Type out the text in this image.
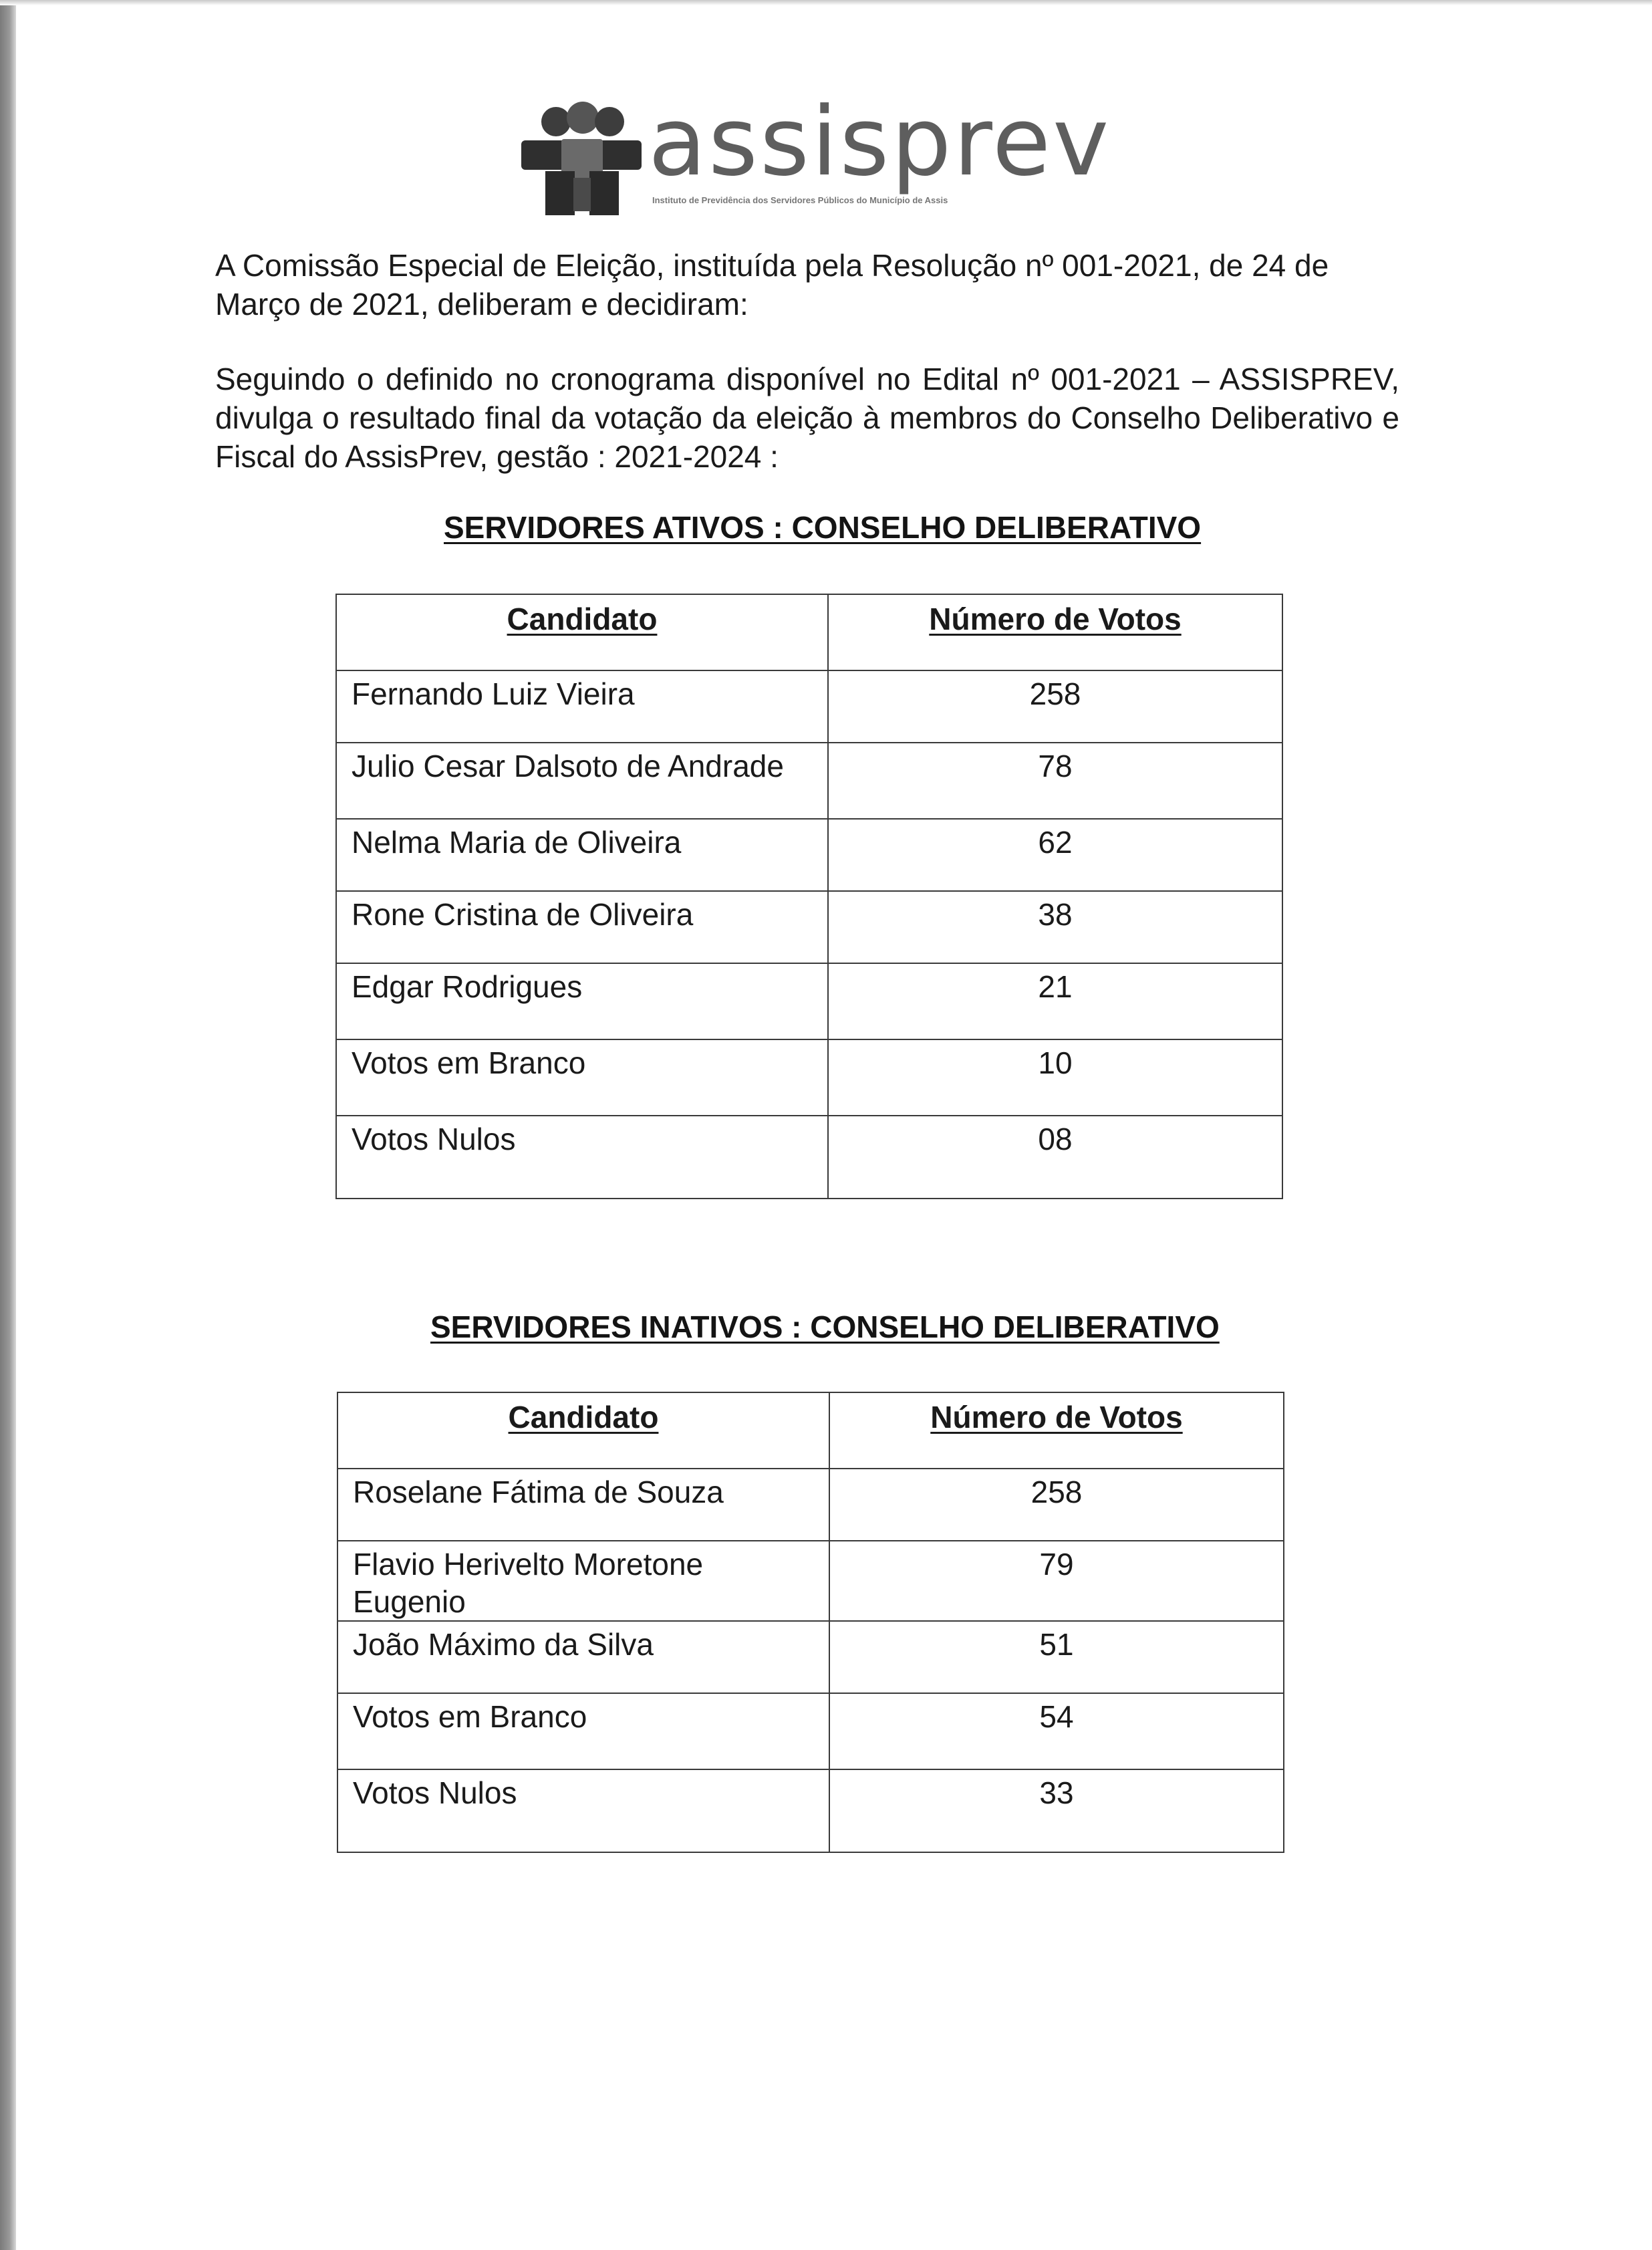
assisprev
Instituto de Previdência dos Servidores Públicos do Município de Assis

A Comissão Especial de Eleição, instituída pela Resolução nº 001-2021, de 24 de Março de 2021, deliberam e decidiram:

Seguindo o definido no cronograma disponível no Edital nº 001-2021 – ASSISPREV, divulga o resultado final da votação da eleição à membros do Conselho Deliberativo e Fiscal do AssisPrev, gestão : 2021-2024 :

SERVIDORES ATIVOS : CONSELHO DELIBERATIVO
Candidato	Número de Votos
Fernando Luiz Vieira	258
Julio Cesar Dalsoto de Andrade	78
Nelma Maria de Oliveira	62
Rone Cristina de Oliveira	38
Edgar Rodrigues	21
Votos em Branco	10
Votos Nulos	08
SERVIDORES INATIVOS : CONSELHO DELIBERATIVO
Candidato	Número de Votos
Roselane Fátima de Souza	258
Flavio Herivelto Moretone Eugenio	79
João Máximo da Silva	51
Votos em Branco	54
Votos Nulos	33
